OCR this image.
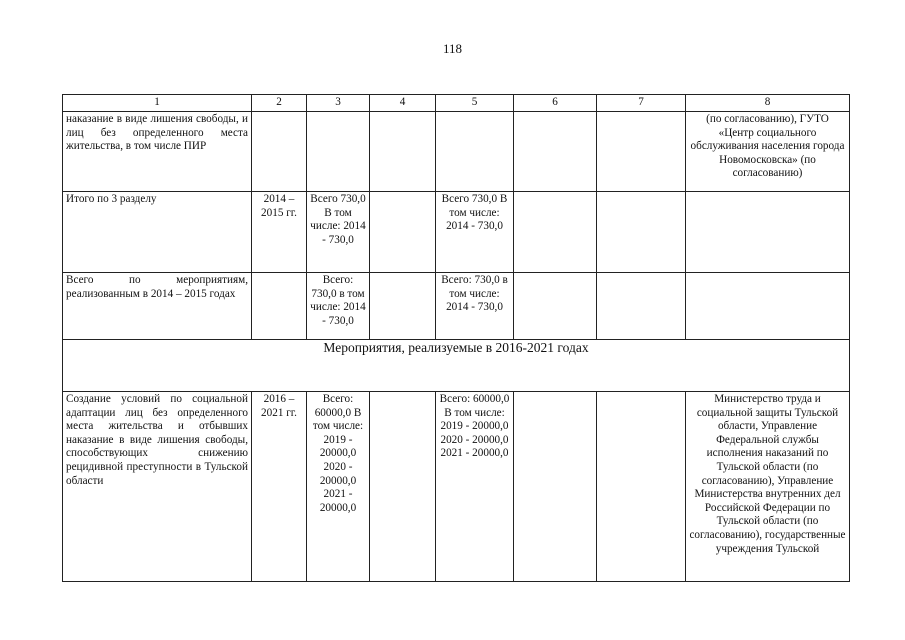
118
1	2	3	4	5	6	7	8
наказание в виде лишения свободы, и лиц без определенного места жительства, в том числе ПИР							(по согласованию), ГУТО «Центр социального обслуживания населения города Новомосковска» (по согласованию)
Итого по 3 разделу	2014 – 2015 гг.	Всего 730,0 В том числе: 2014 - 730,0		Всего 730,0 В том числе: 2014 - 730,0			
Всего по мероприятиям, реализованным в 2014 – 2015 годах		Всего: 730,0 в том числе: 2014 - 730,0		Всего: 730,0 в том числе: 2014 - 730,0			
Мероприятия, реализуемые в 2016-2021 годах							
Создание условий по социальной адаптации лиц без определенного места жительства и отбывших наказание в виде лишения свободы, способствующих снижению рецидивной преступности в Тульской области	2016 – 2021 гг.	Всего: 60000,0 В том числе: 2019 - 20000,0 2020 - 20000,0 2021 - 20000,0		Всего: 60000,0 В том числе: 2019 - 20000,0 2020 - 20000,0 2021 - 20000,0			Министерство труда и социальной защиты Тульской области, Управление Федеральной службы исполнения наказаний по Тульской области (по согласованию), Управление Министерства внутренних дел Российской Федерации по Тульской области (по согласованию), государственные учреждения Тульской
